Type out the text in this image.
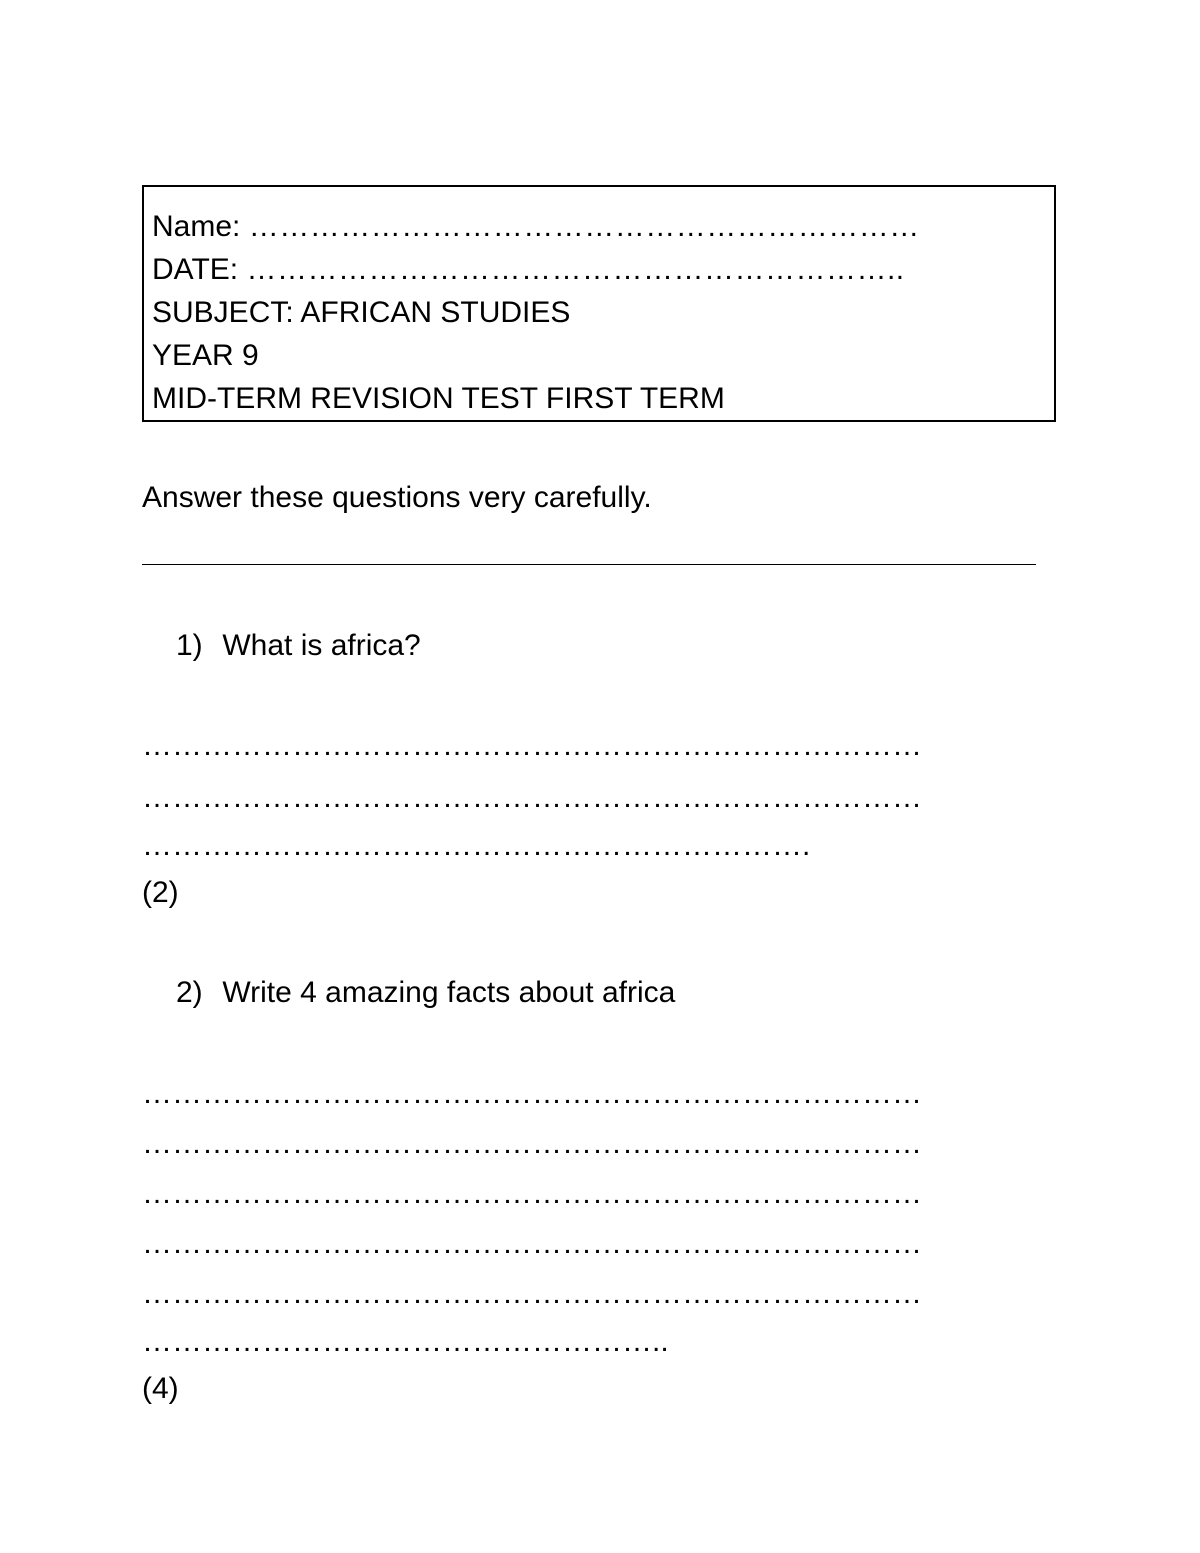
Name: …………………………………………………………
DATE: ………………………………………………………..
SUBJECT: AFRICAN STUDIES
YEAR 9
MID-TERM REVISION TEST FIRST TERM
Answer these questions very carefully.
1) What is africa?
……………………………………………………………………
……………………………………………………………………
………………………………………………………….
(2)
2) Write 4 amazing facts about africa
……………………………………………………………………
……………………………………………………………………
……………………………………………………………………
……………………………………………………………………
……………………………………………………………………
……………………………………………..
(4)
